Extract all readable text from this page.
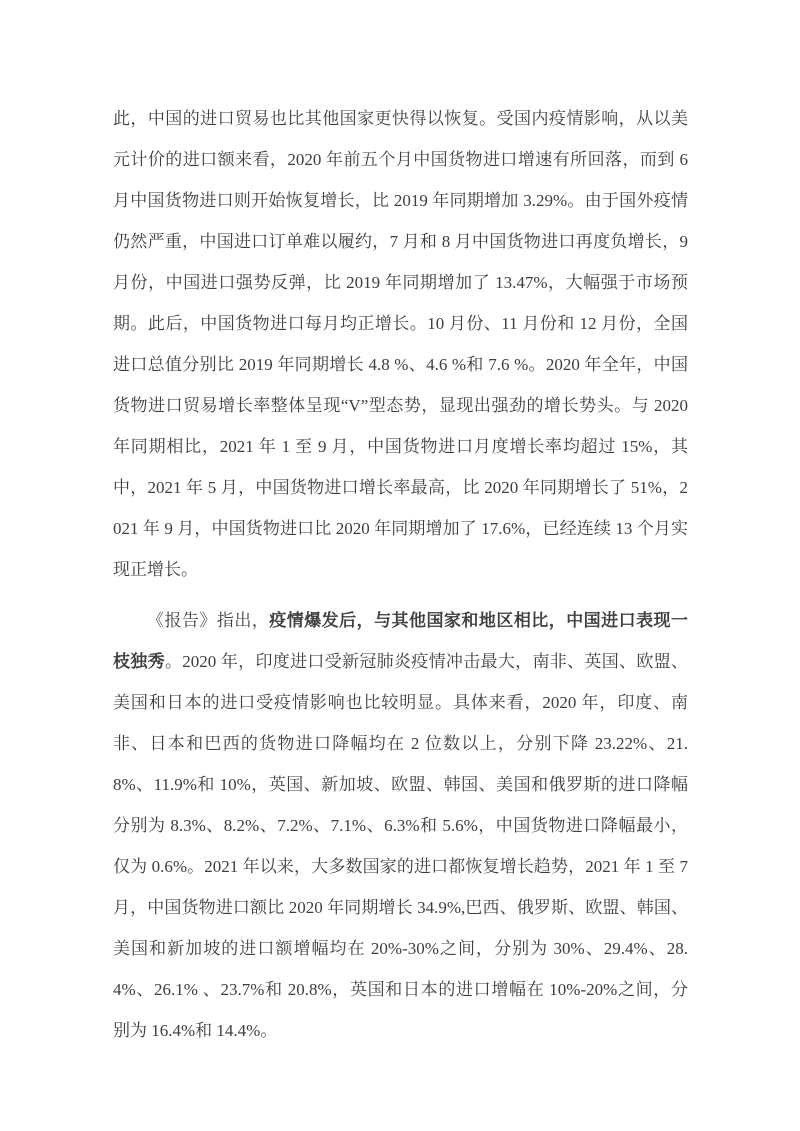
此，中国的进口贸易也比其他国家更快得以恢复。受国内疫情影响，从以美元计价的进口额来看，2020 年前五个月中国货物进口增速有所回落，而到 6 月中国货物进口则开始恢复增长，比 2019 年同期增加 3.29%。由于国外疫情仍然严重，中国进口订单难以履约，7 月和 8 月中国货物进口再度负增长，9 月份，中国进口强势反弹，比 2019 年同期增加了 13.47%，大幅强于市场预期。此后，中国货物进口每月均正增长。10 月份、11 月份和 12 月份，全国进口总值分别比 2019 年同期增长 4.8 %、4.6 %和 7.6 %。2020 年全年，中国货物进口贸易增长率整体呈现“V”型态势，显现出强劲的增长势头。与 2020 年同期相比，2021 年 1 至 9 月，中国货物进口月度增长率均超过 15%，其中，2021 年 5 月，中国货物进口增长率最高，比 2020 年同期增长了 51%，2021 年 9 月，中国货物进口比 2020 年同期增加了 17.6%，已经连续 13 个月实现正增长。

《报告》指出，疫情爆发后，与其他国家和地区相比，中国进口表现一枝独秀。2020 年，印度进口受新冠肺炎疫情冲击最大，南非、英国、欧盟、美国和日本的进口受疫情影响也比较明显。具体来看，2020 年，印度、南非、日本和巴西的货物进口降幅均在 2 位数以上，分别下降 23.22%、21.8%、11.9%和 10%，英国、新加坡、欧盟、韩国、美国和俄罗斯的进口降幅分别为 8.3%、8.2%、7.2%、7.1%、6.3%和 5.6%，中国货物进口降幅最小，仅为 0.6%。2021 年以来，大多数国家的进口都恢复增长趋势，2021 年 1 至 7 月，中国货物进口额比 2020 年同期增长 34.9%,巴西、俄罗斯、欧盟、韩国、美国和新加坡的进口额增幅均在 20%-30%之间，分别为 30%、29.4%、28.4%、26.1% 、23.7%和 20.8%，英国和日本的进口增幅在 10%-20%之间，分别为 16.4%和 14.4%。
